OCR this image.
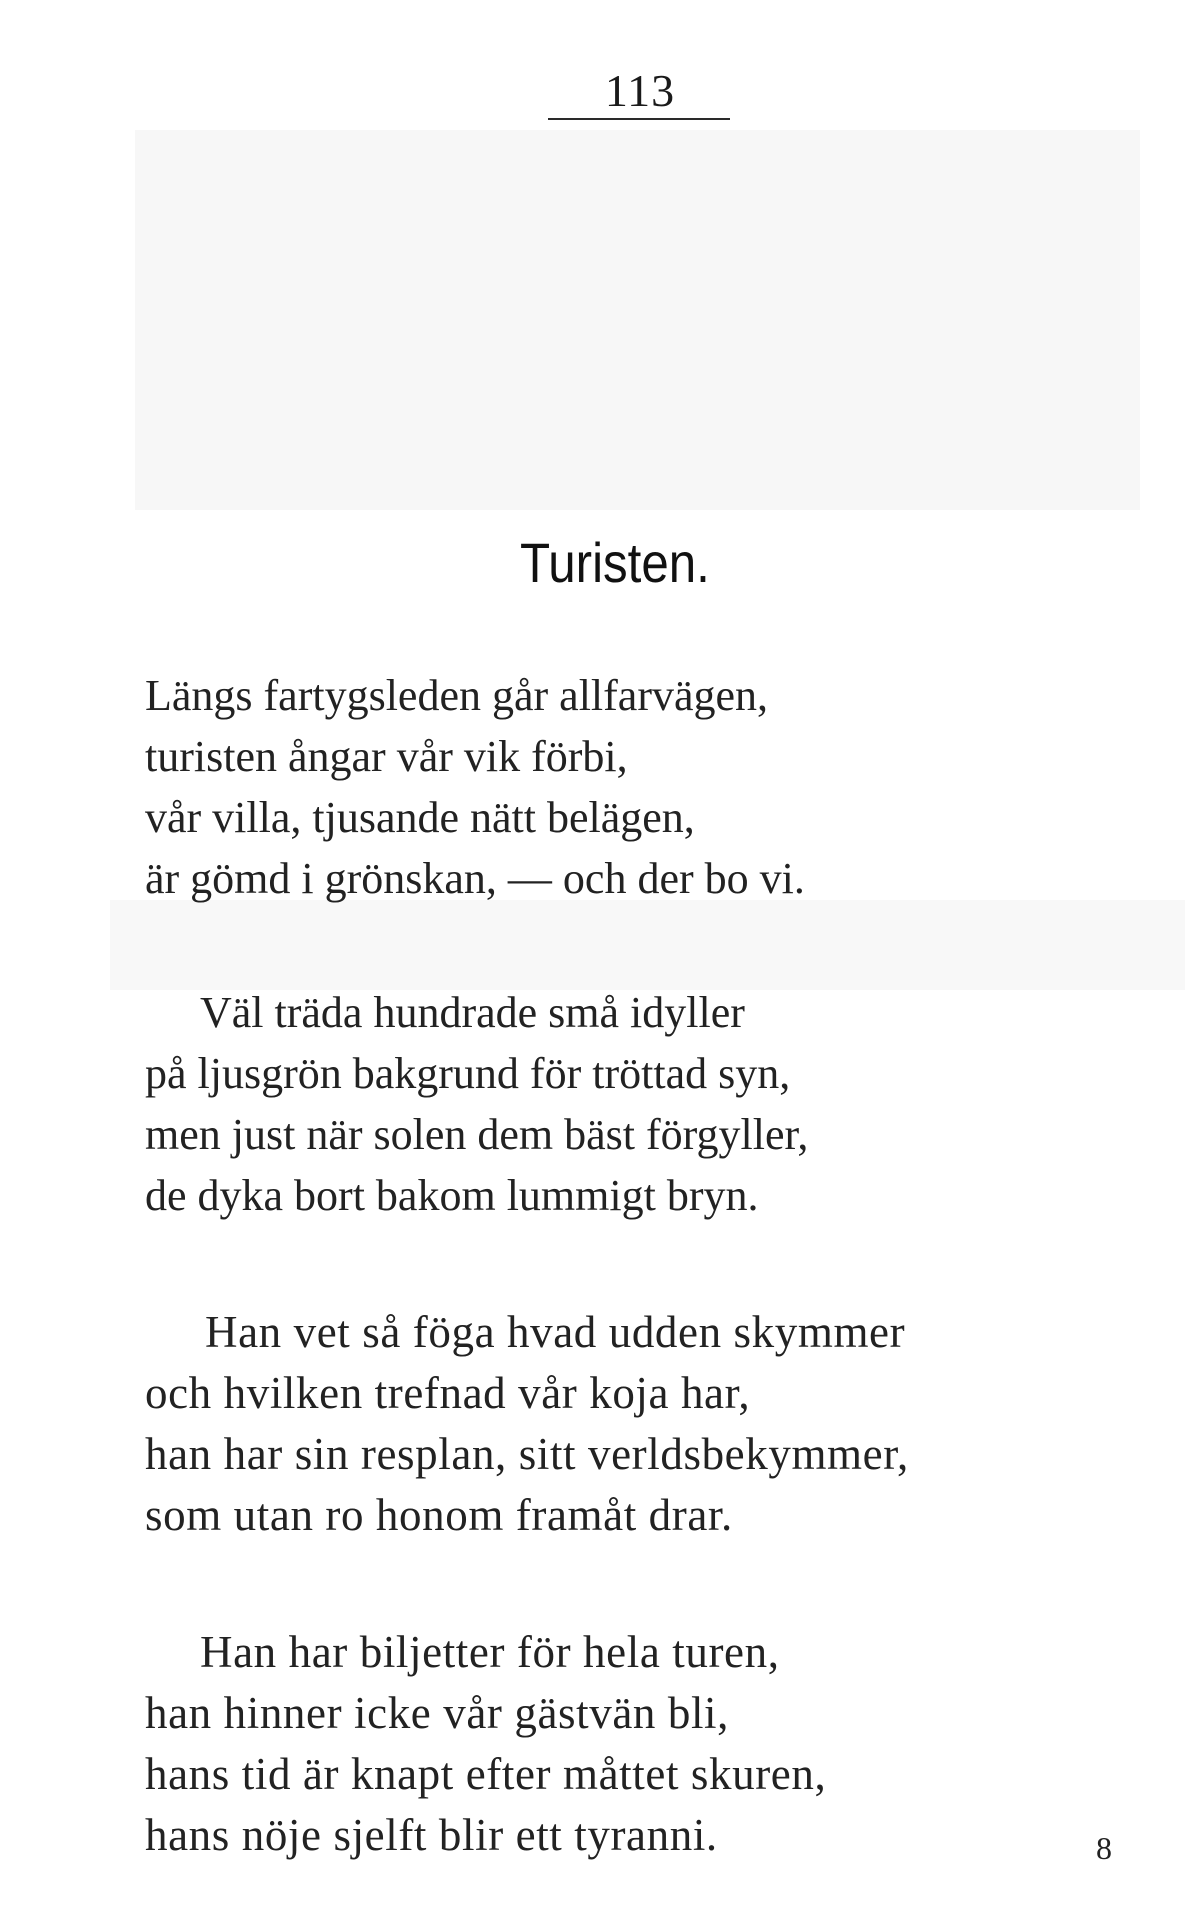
113
Turisten.
Längs fartygsleden går allfarvägen,
turisten ångar vår vik förbi,
vår villa, tjusande nätt belägen,
är gömd i grönskan, — och der bo vi.
Väl träda hundrade små idyller
på ljusgrön bakgrund för tröttad syn,
men just när solen dem bäst förgyller,
de dyka bort bakom lummigt bryn.
Han vet så föga hvad udden skymmer
och hvilken trefnad vår koja har,
han har sin resplan, sitt verldsbekymmer,
som utan ro honom framåt drar.
Han har biljetter för hela turen,
han hinner icke vår gästvän bli,
hans tid är knapt efter måttet skuren,
hans nöje sjelft blir ett tyranni.	8
